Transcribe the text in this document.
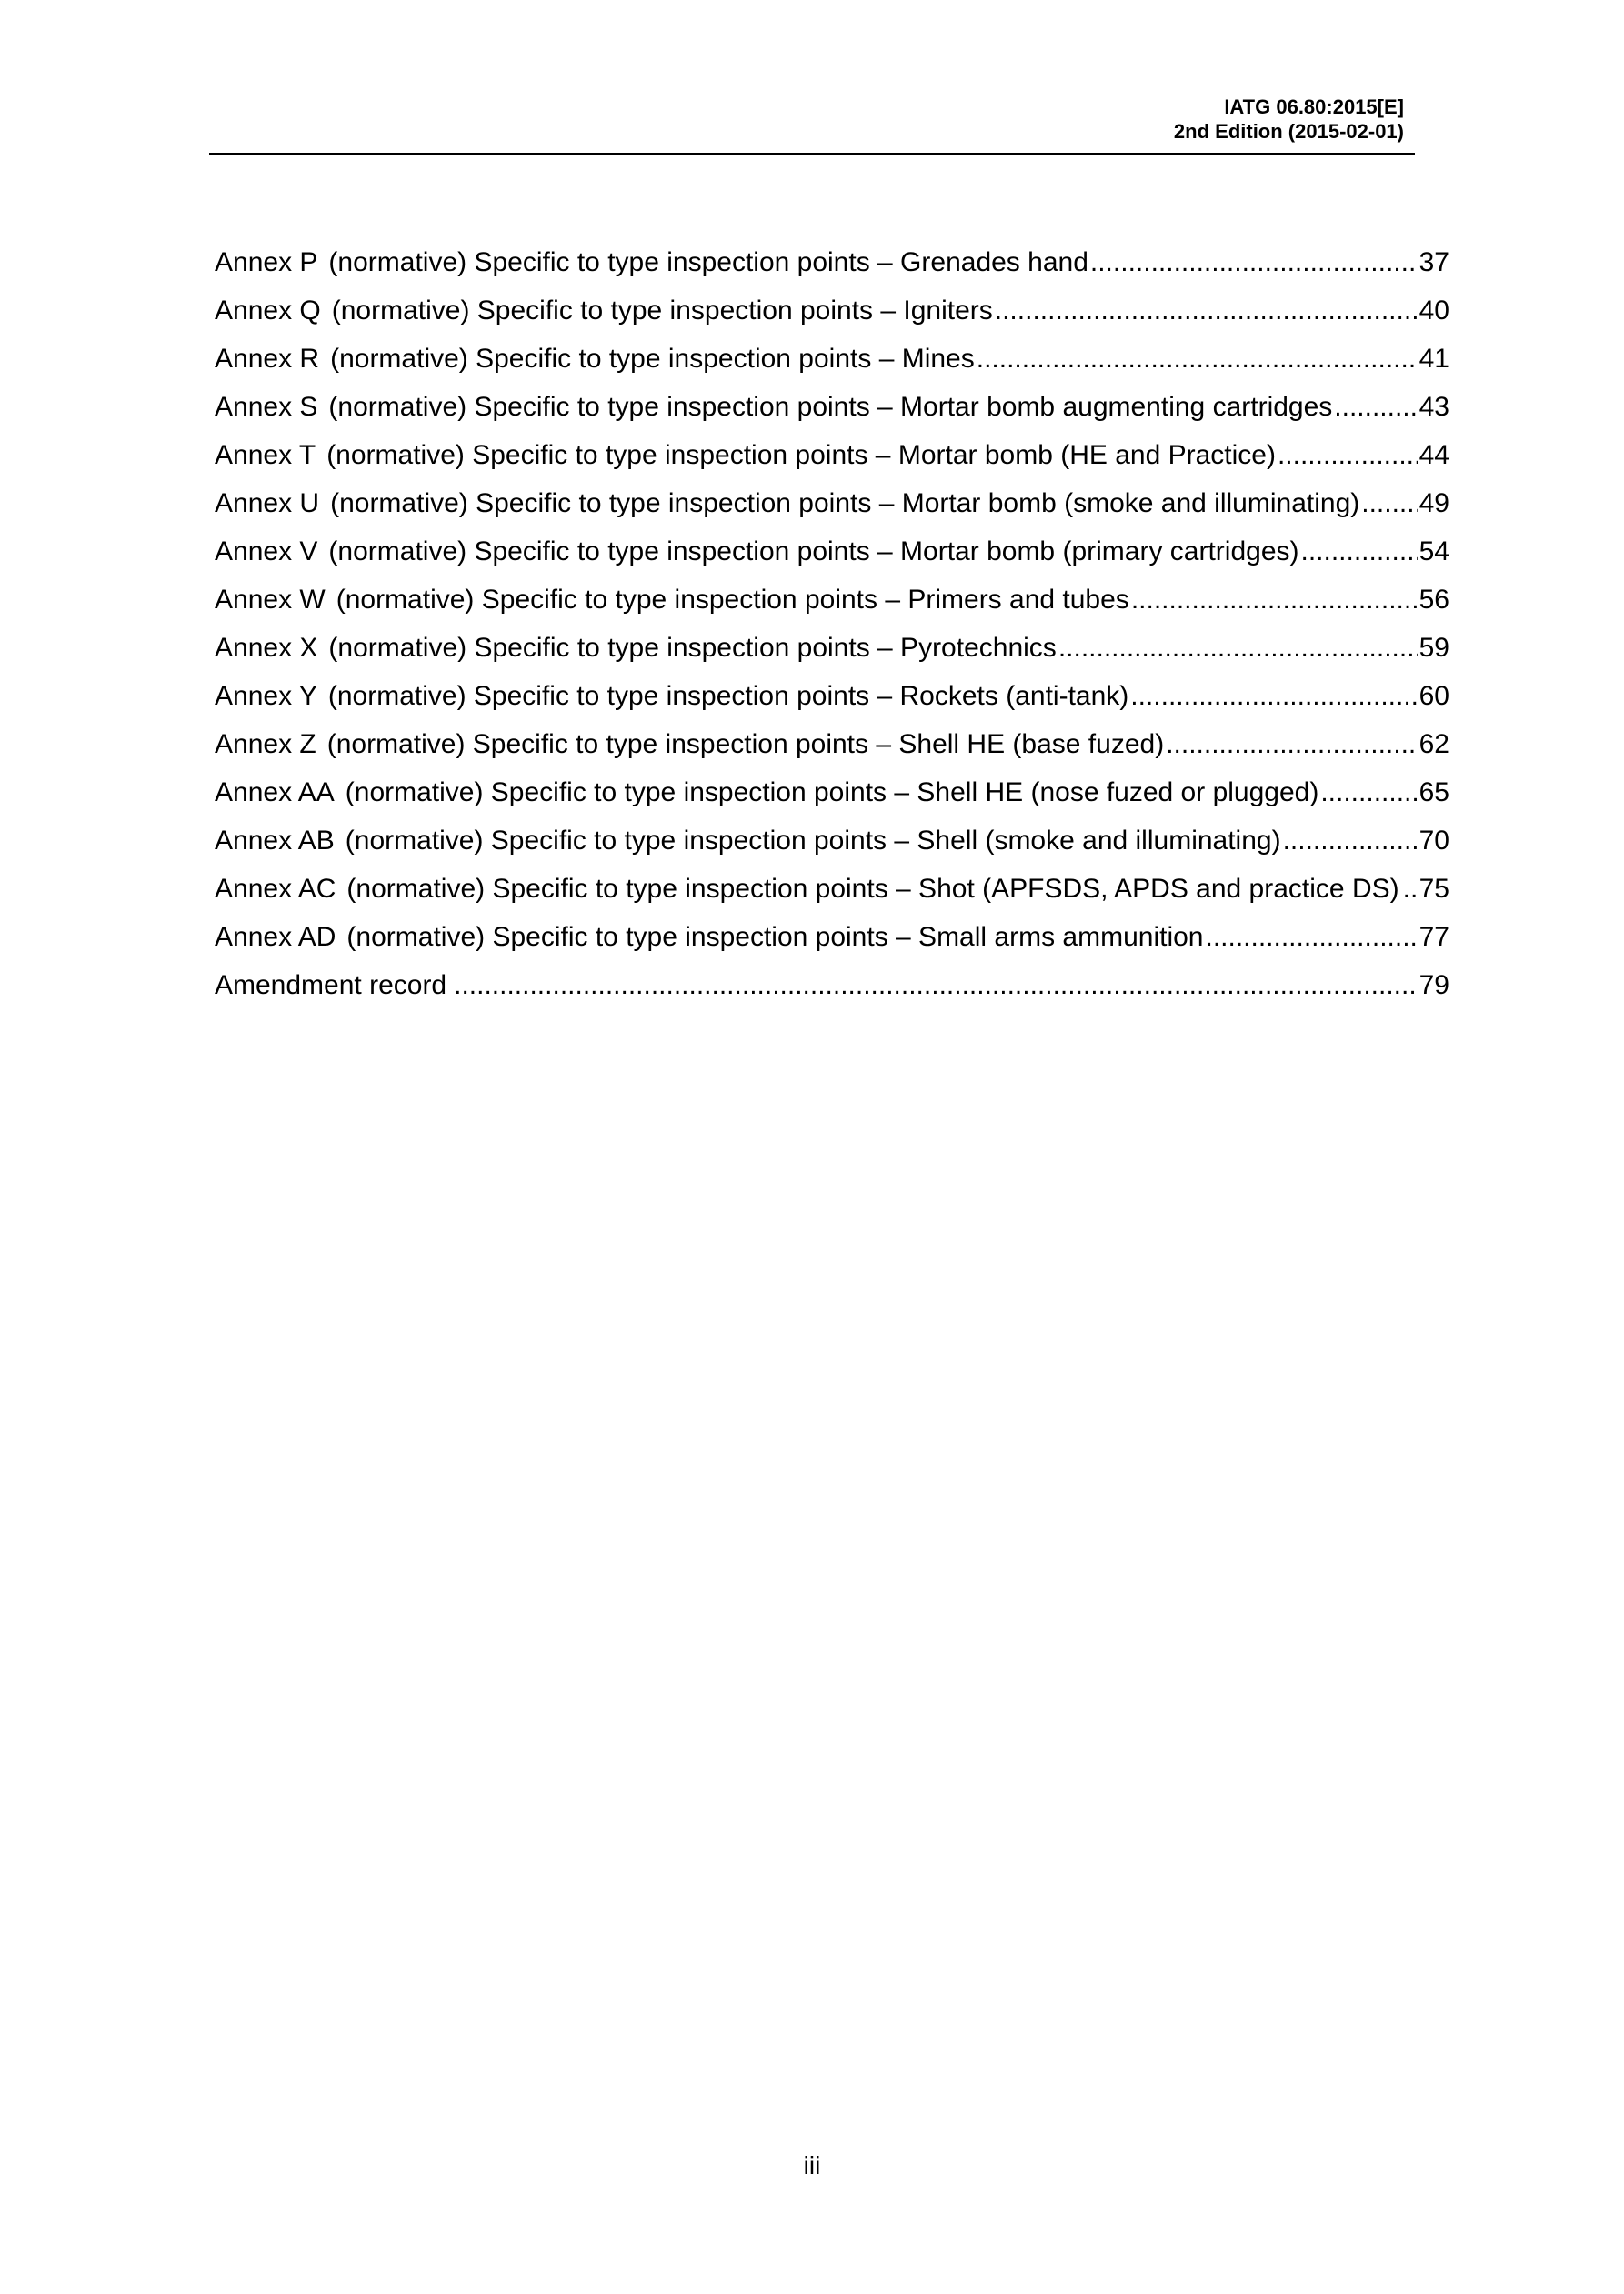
IATG 06.80:2015[E]
2nd Edition (2015-02-01)
Annex P (normative) Specific to type inspection points – Grenades hand .....	37
Annex Q (normative) Specific to type inspection points – Igniters .....	40
Annex R (normative) Specific to type inspection points – Mines .....	41
Annex S (normative) Specific to type inspection points – Mortar bomb augmenting cartridges .....	43
Annex T (normative) Specific to type inspection points – Mortar bomb (HE and Practice) .....	44
Annex U (normative) Specific to type inspection points – Mortar bomb (smoke and illuminating) ..... 49
Annex V (normative) Specific to type inspection points – Mortar bomb (primary cartridges) .....	54
Annex W (normative) Specific to type inspection points – Primers and tubes .....	56
Annex X (normative) Specific to type inspection points – Pyrotechnics .....	59
Annex Y (normative) Specific to type inspection points – Rockets (anti-tank) .....	60
Annex Z (normative) Specific to type inspection points – Shell HE (base fuzed) .....	62
Annex AA (normative) Specific to type inspection points – Shell HE (nose fuzed or plugged) .....	65
Annex AB (normative) Specific to type inspection points – Shell (smoke and illuminating) .....	70
Annex AC (normative) Specific to type inspection points – Shot (APFSDS, APDS and practice DS) ..... 75
Annex AD (normative) Specific to type inspection points – Small arms ammunition .....	77
Amendment record .....	79
iii
